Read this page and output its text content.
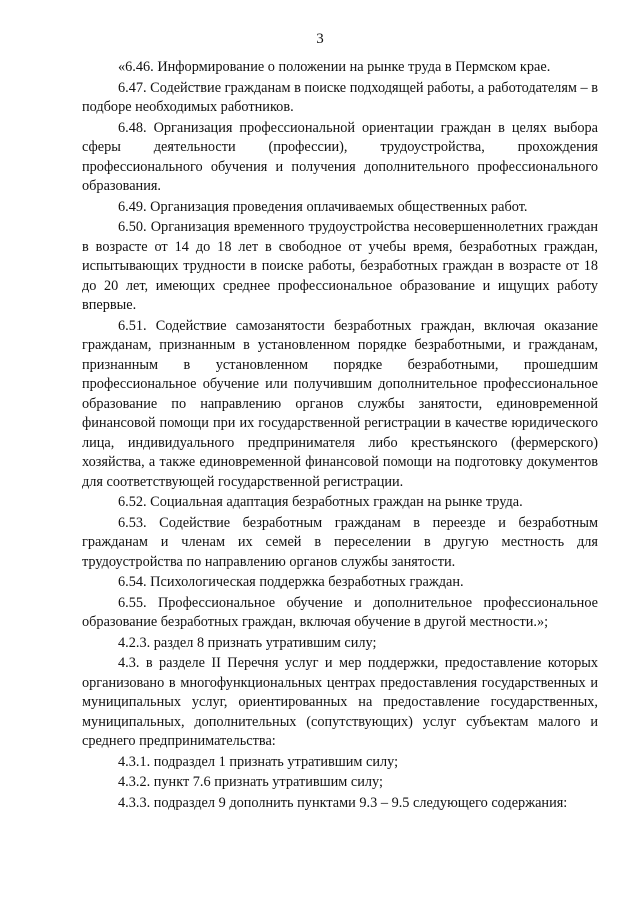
3

«6.46. Информирование о положении на рынке труда в Пермском крае.

6.47. Содействие гражданам в поиске подходящей работы, а работодателям – в подборе необходимых работников.

6.48. Организация профессиональной ориентации граждан в целях выбора сферы деятельности (профессии), трудоустройства, прохождения профессионального обучения и получения дополнительного профессионального образования.

6.49. Организация проведения оплачиваемых общественных работ.

6.50. Организация временного трудоустройства несовершеннолетних граждан в возрасте от 14 до 18 лет в свободное от учебы время, безработных граждан, испытывающих трудности в поиске работы, безработных граждан в возрасте от 18 до 20 лет, имеющих среднее профессиональное образование и ищущих работу впервые.

6.51. Содействие самозанятости безработных граждан, включая оказание гражданам, признанным в установленном порядке безработными, и гражданам, признанным в установленном порядке безработными, прошедшим профессиональное обучение или получившим дополнительное профессиональное образование по направлению органов службы занятости, единовременной финансовой помощи при их государственной регистрации в качестве юридического лица, индивидуального предпринимателя либо крестьянского (фермерского) хозяйства, а также единовременной финансовой помощи на подготовку документов для соответствующей государственной регистрации.

6.52. Социальная адаптация безработных граждан на рынке труда.

6.53. Содействие безработным гражданам в переезде и безработным гражданам и членам их семей в переселении в другую местность для трудоустройства по направлению органов службы занятости.

6.54. Психологическая поддержка безработных граждан.

6.55. Профессиональное обучение и дополнительное профессиональное образование безработных граждан, включая обучение в другой местности.»;

4.2.3. раздел 8 признать утратившим силу;

4.3. в разделе II Перечня услуг и мер поддержки, предоставление которых организовано в многофункциональных центрах предоставления государственных и муниципальных услуг, ориентированных на предоставление государственных, муниципальных, дополнительных (сопутствующих) услуг субъектам малого и среднего предпринимательства:

4.3.1. подраздел 1 признать утратившим силу;

4.3.2. пункт 7.6 признать утратившим силу;

4.3.3. подраздел 9 дополнить пунктами 9.3 – 9.5 следующего содержания:
